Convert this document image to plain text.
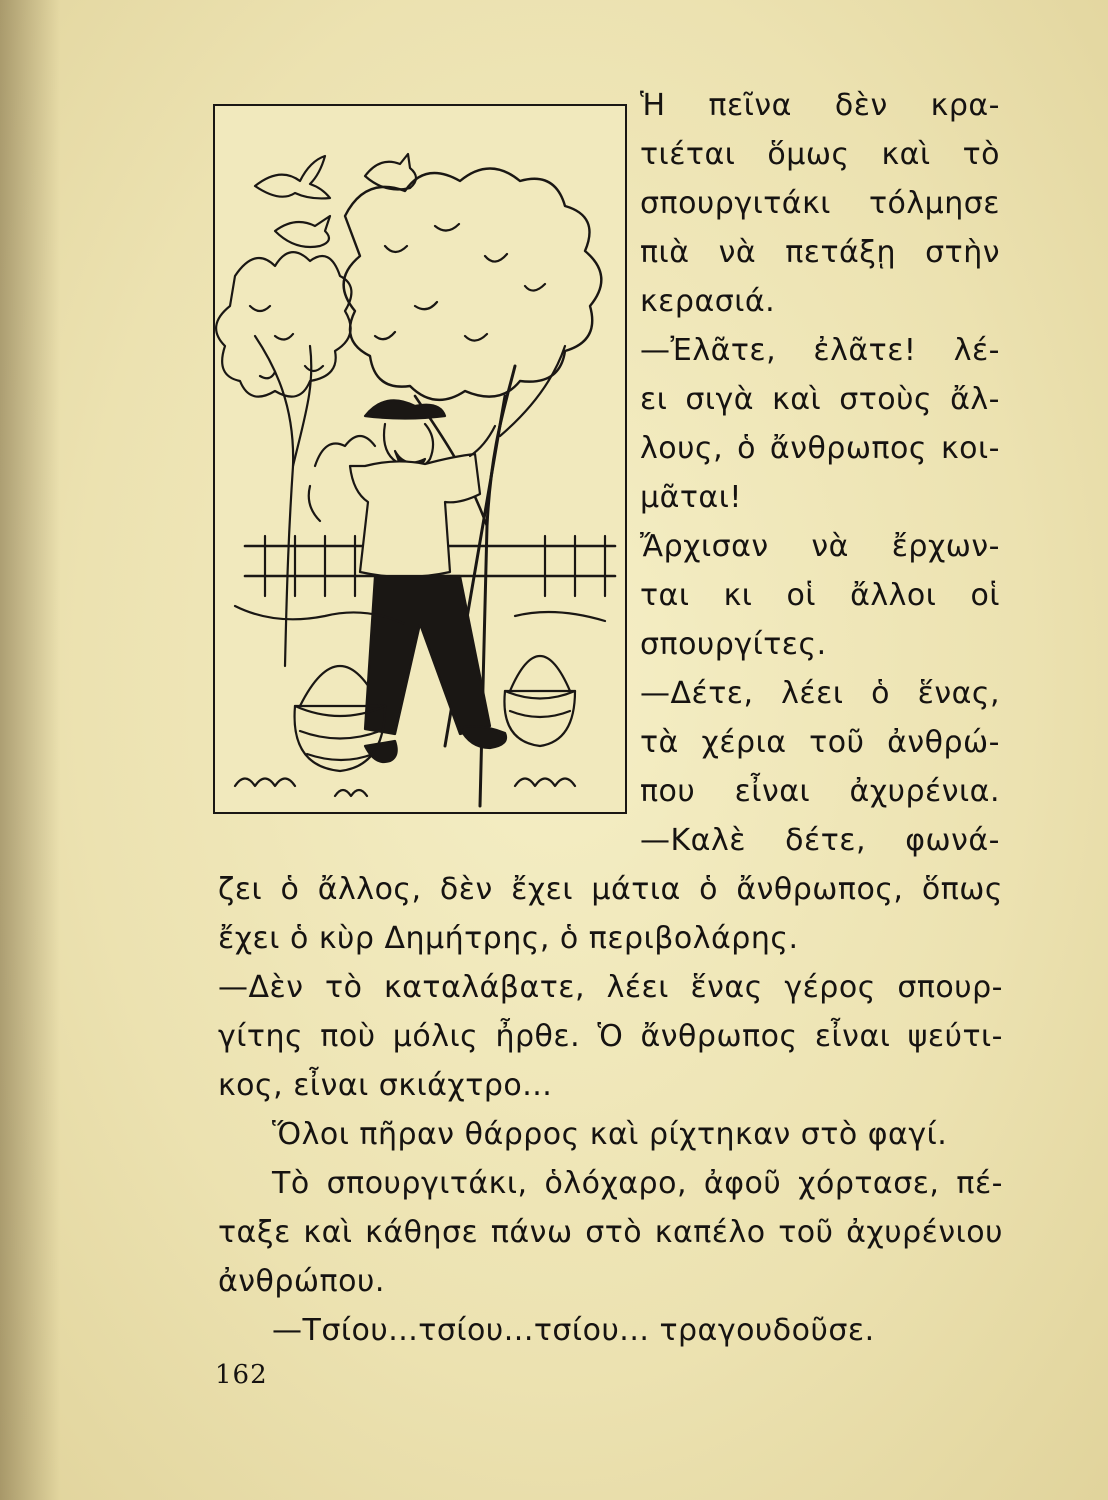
Ἡ πεῖνα δὲν κρα-
τιέται ὅμως καὶ τὸ
σπουργιτάκι τόλμησε
πιὰ νὰ πετάξῃ στὴν
κερασιά.
—Ἐλᾶτε, ἐλᾶτε! λέ-
ει σιγὰ καὶ στοὺς ἄλ-
λους, ὁ ἄνθρωπος κοι-
μᾶται!
Ἄρχισαν νὰ ἔρχων-
ται κι οἱ ἄλλοι οἱ
σπουργίτες.
—Δέτε, λέει ὁ ἕνας,
τὰ χέρια τοῦ ἀνθρώ-
που εἶναι ἀχυρένια.
—Καλὲ δέτε, φωνά-
ζει ὁ ἄλλος, δὲν ἔχει μάτια ὁ ἄνθρωπος, ὅπως
ἔχει ὁ κὺρ Δημήτρης, ὁ περιβολάρης.
—Δὲν τὸ καταλάβατε, λέει ἕνας γέρος σπουρ-
γίτης ποὺ μόλις ἦρθε. Ὁ ἄνθρωπος εἶναι ψεύτι-
κος, εἶναι σκιάχτρο...
Ὅλοι πῆραν θάρρος καὶ ρίχτηκαν στὸ φαγί.
Τὸ σπουργιτάκι, ὁλόχαρο, ἀφοῦ χόρτασε, πέ-
ταξε καὶ κάθησε πάνω στὸ καπέλο τοῦ ἀχυρένιου
ἀνθρώπου.
—Τσίου...τσίου...τσίου... τραγουδοῦσε.
162
